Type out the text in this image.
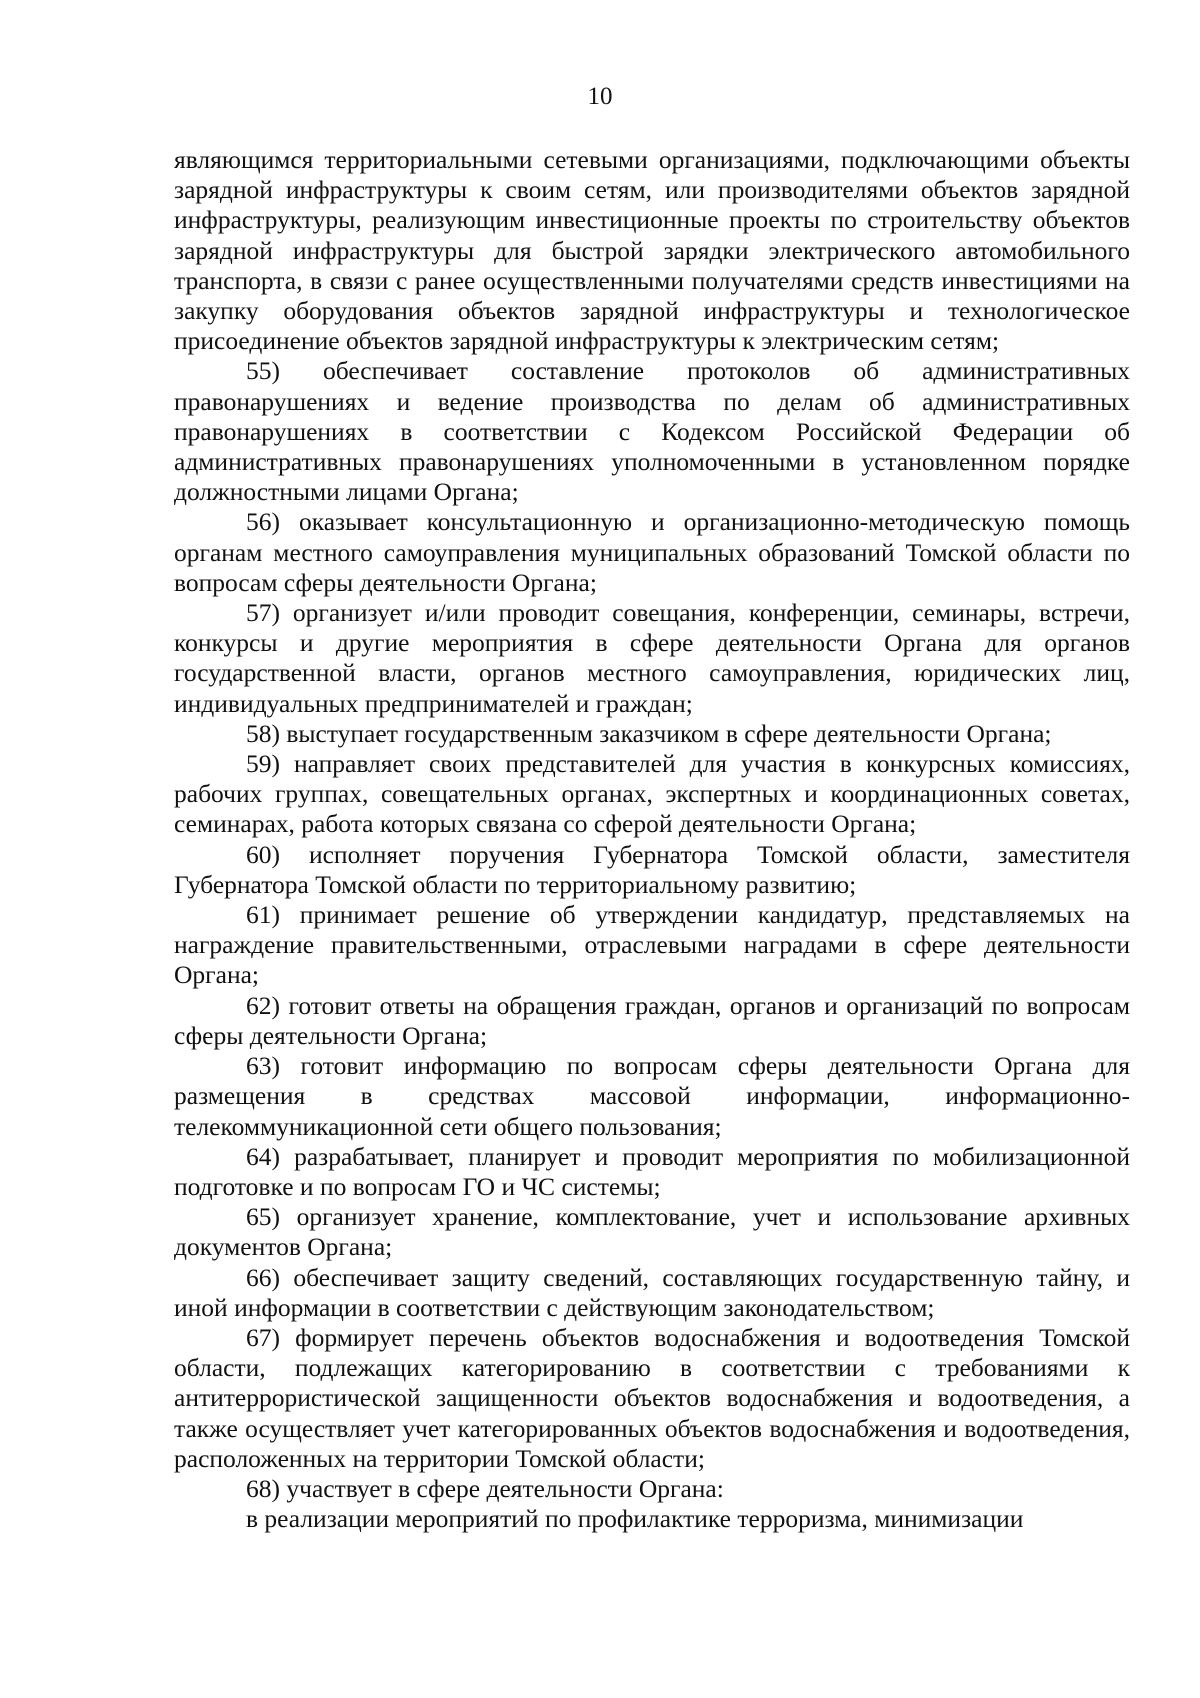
10

являющимся территориальными сетевыми организациями, подключающими объекты зарядной инфраструктуры к своим сетям, или производителями объектов зарядной инфраструктуры, реализующим инвестиционные проекты по строительству объектов зарядной инфраструктуры для быстрой зарядки электрического автомобильного транспорта, в связи с ранее осуществленными получателями средств инвестициями на закупку оборудования объектов зарядной инфраструктуры и технологическое присоединение объектов зарядной инфраструктуры к электрическим сетям;

55) обеспечивает составление протоколов об административных правонарушениях и ведение производства по делам об административных правонарушениях в соответствии с Кодексом Российской Федерации об административных правонарушениях уполномоченными в установленном порядке должностными лицами Органа;

56) оказывает консультационную и организационно-методическую помощь органам местного самоуправления муниципальных образований Томской области по вопросам сферы деятельности Органа;

57) организует и/или проводит совещания, конференции, семинары, встречи, конкурсы и другие мероприятия в сфере деятельности Органа для органов государственной власти, органов местного самоуправления, юридических лиц, индивидуальных предпринимателей и граждан;

58) выступает государственным заказчиком в сфере деятельности Органа;

59) направляет своих представителей для участия в конкурсных комиссиях, рабочих группах, совещательных органах, экспертных и координационных советах, семинарах, работа которых связана со сферой деятельности Органа;

60) исполняет поручения Губернатора Томской области, заместителя Губернатора Томской области по территориальному развитию;

61) принимает решение об утверждении кандидатур, представляемых на награждение правительственными, отраслевыми наградами в сфере деятельности Органа;

62) готовит ответы на обращения граждан, органов и организаций по вопросам сферы деятельности Органа;

63) готовит информацию по вопросам сферы деятельности Органа для размещения в средствах массовой информации, информационно-телекоммуникационной сети общего пользования;

64) разрабатывает, планирует и проводит мероприятия по мобилизационной подготовке и по вопросам ГО и ЧС системы;

65) организует хранение, комплектование, учет и использование архивных документов Органа;

66) обеспечивает защиту сведений, составляющих государственную тайну, и иной информации в соответствии с действующим законодательством;

67) формирует перечень объектов водоснабжения и водоотведения Томской области, подлежащих категорированию в соответствии с требованиями к антитеррористической защищенности объектов водоснабжения и водоотведения, а также осуществляет учет категорированных объектов водоснабжения и водоотведения, расположенных на территории Томской области;

68) участвует в сфере деятельности Органа:

в реализации мероприятий по профилактике терроризма, минимизации
